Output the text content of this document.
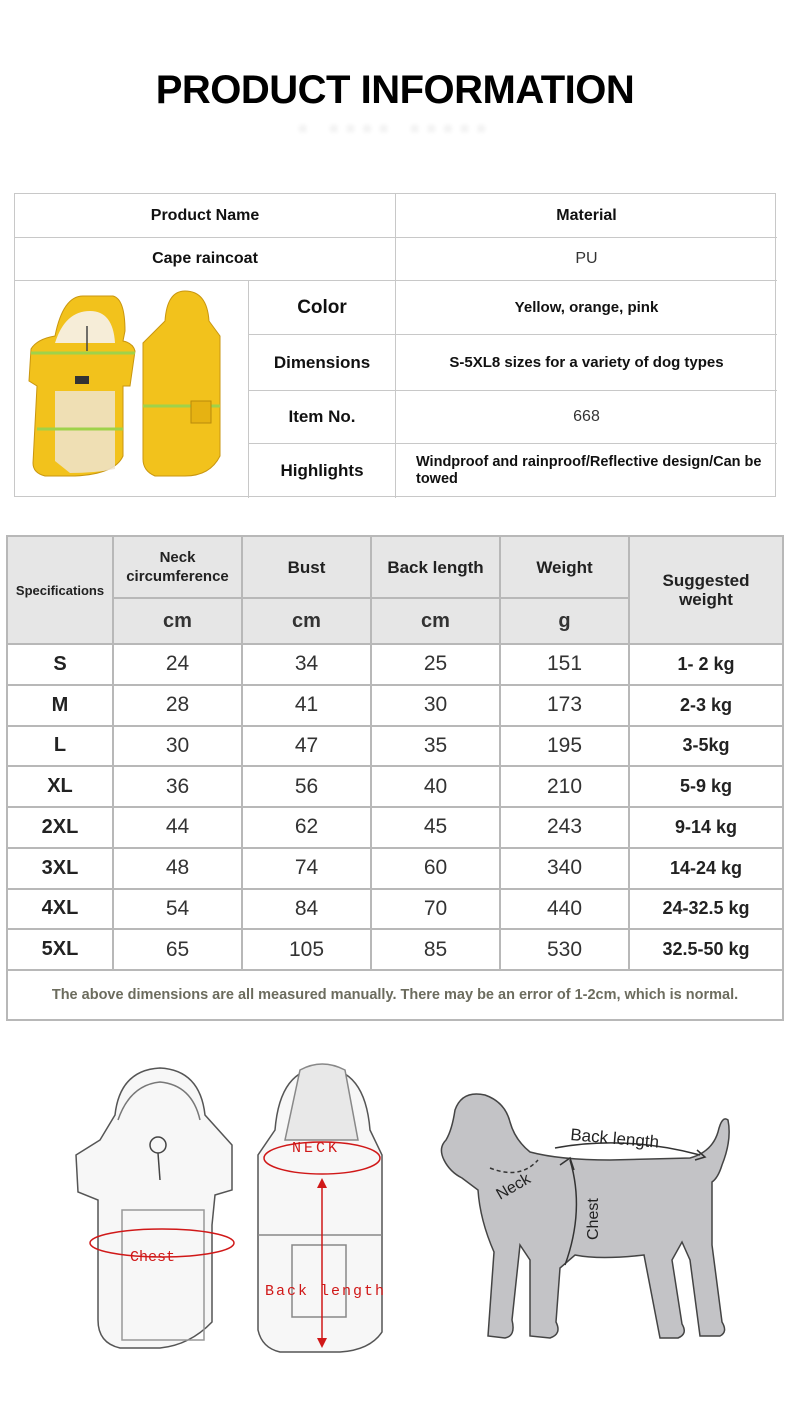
PRODUCT INFORMATION
▪ ▪▪▪▪ ▪▪▪▪▪
Product Name	Material
Cape raincoat	PU
Color	Yellow, orange, pink
Dimensions	S-5XL8 sizes for a variety of dog types
Item No.	668
Highlights	Windproof and rainproof/Reflective design/Can be towed
Specifications
Neck circumference	Bust	Back length	Weight
Suggested weight
cm	cm	cm	g
S	24	34	25	151	1- 2 kg
M	28	41	30	173	2-3 kg
L	30	47	35	195	3-5kg
XL	36	56	40	210	5-9 kg
2XL	44	62	45	243	9-14 kg
3XL	48	74	60	340	14-24 kg
4XL	54	84	70	440	24-32.5 kg
5XL	65	105	85	530	32.5-50 kg
The above dimensions are all measured manually. There may be an error of 1-2cm, which is normal.
Chest
NECK
Back length
Back length
Neck
Chest
